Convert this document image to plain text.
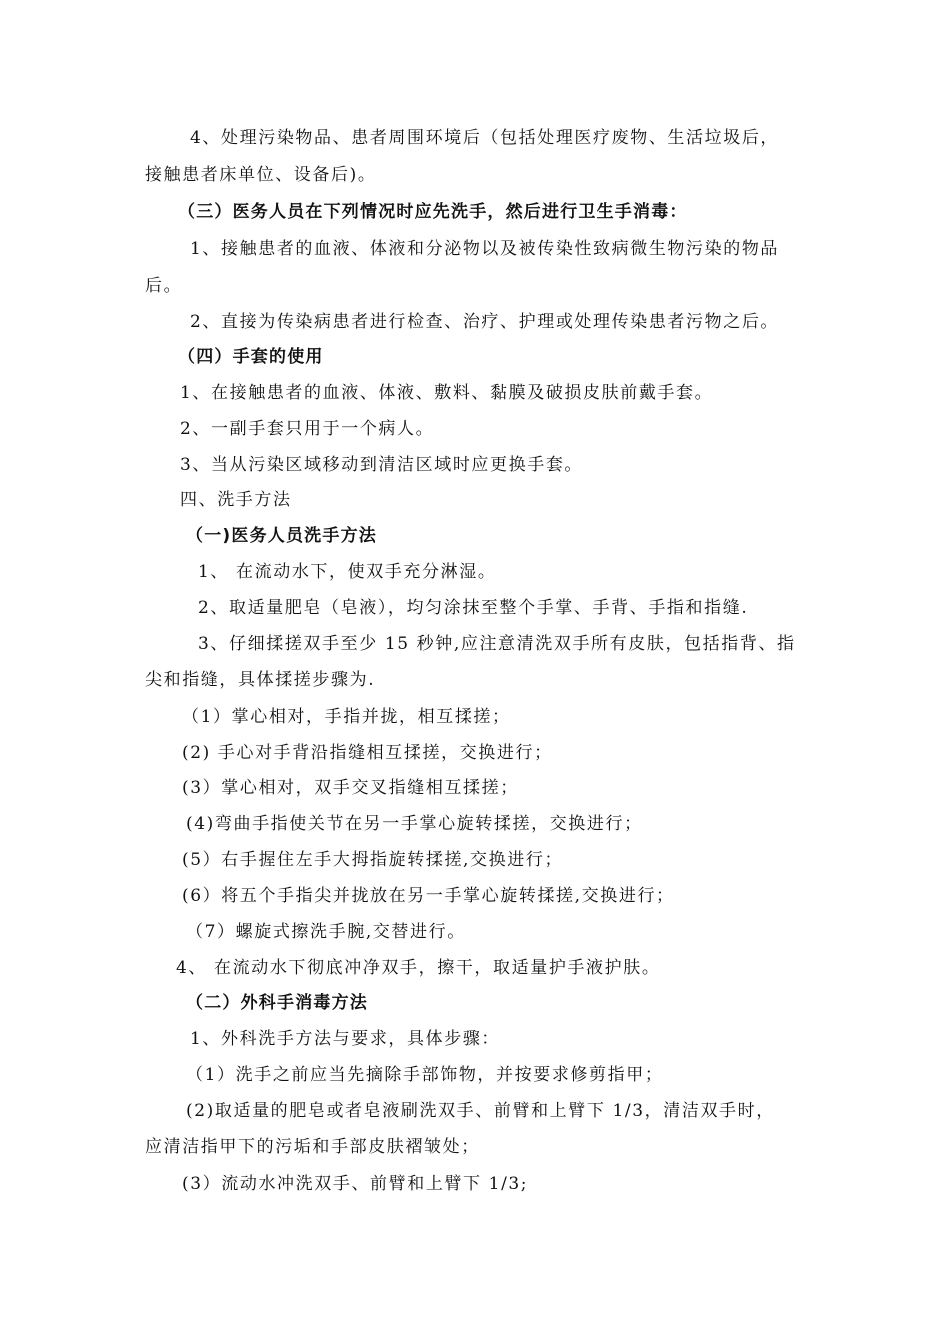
4、处理污染物品、患者周围环境后（包括处理医疗废物、生活垃圾后，
接触患者床单位、设备后)。
（三）医务人员在下列情况时应先洗手，然后进行卫生手消毒：
1、接触患者的血液、体液和分泌物以及被传染性致病微生物污染的物品
后。
2、直接为传染病患者进行检查、治疗、护理或处理传染患者污物之后。
（四）手套的使用
1、在接触患者的血液、体液、敷料、黏膜及破损皮肤前戴手套。
2、一副手套只用于一个病人。
3、当从污染区域移动到清洁区域时应更换手套。
四、洗手方法
（一)医务人员洗手方法
1、 在流动水下，使双手充分淋湿。
2、取适量肥皂（皂液），均匀涂抹至整个手掌、手背、手指和指缝.
3、仔细揉搓双手至少 15 秒钟,应注意清洗双手所有皮肤，包括指背、指
尖和指缝，具体揉搓步骤为.
（1）掌心相对，手指并拢，相互揉搓；
(2) 手心对手背沿指缝相互揉搓，交换进行；
(3）掌心相对，双手交叉指缝相互揉搓；
(4)弯曲手指使关节在另一手掌心旋转揉搓，交换进行；
(5）右手握住左手大拇指旋转揉搓,交换进行；
(6）将五个手指尖并拢放在另一手掌心旋转揉搓,交换进行；
（7）螺旋式擦洗手腕,交替进行。
4、 在流动水下彻底冲净双手，擦干，取适量护手液护肤。
（二）外科手消毒方法
1、外科洗手方法与要求，具体步骤：
（1）洗手之前应当先摘除手部饰物，并按要求修剪指甲；
(2)取适量的肥皂或者皂液刷洗双手、前臂和上臂下 1/3，清洁双手时，
应清洁指甲下的污垢和手部皮肤褶皱处；
(3）流动水冲洗双手、前臂和上臂下 1/3;
